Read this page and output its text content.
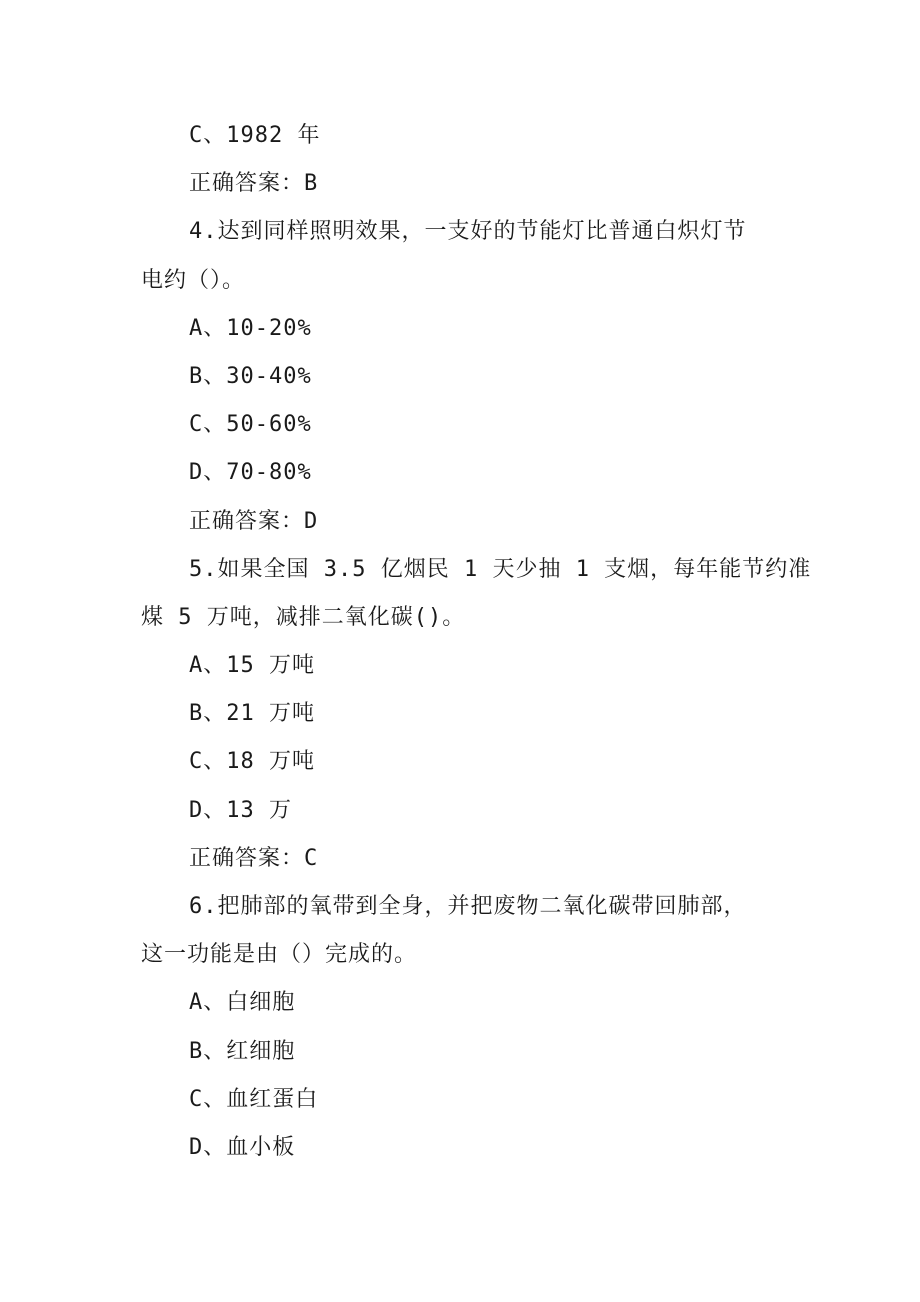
C、1982 年
正确答案：B
4.达到同样照明效果，一支好的节能灯比普通白炽灯节
电约（）。
A、10-20%
B、30-40%
C、50-60%
D、70-80%
正确答案：D
5.如果全国 3.5 亿烟民 1 天少抽 1 支烟，每年能节约准
煤 5 万吨，减排二氧化碳()。
A、15 万吨
B、21 万吨
C、18 万吨
D、13 万
正确答案：C
6.把肺部的氧带到全身，并把废物二氧化碳带回肺部，
这一功能是由（）完成的。
A、白细胞
B、红细胞
C、血红蛋白
D、血小板
